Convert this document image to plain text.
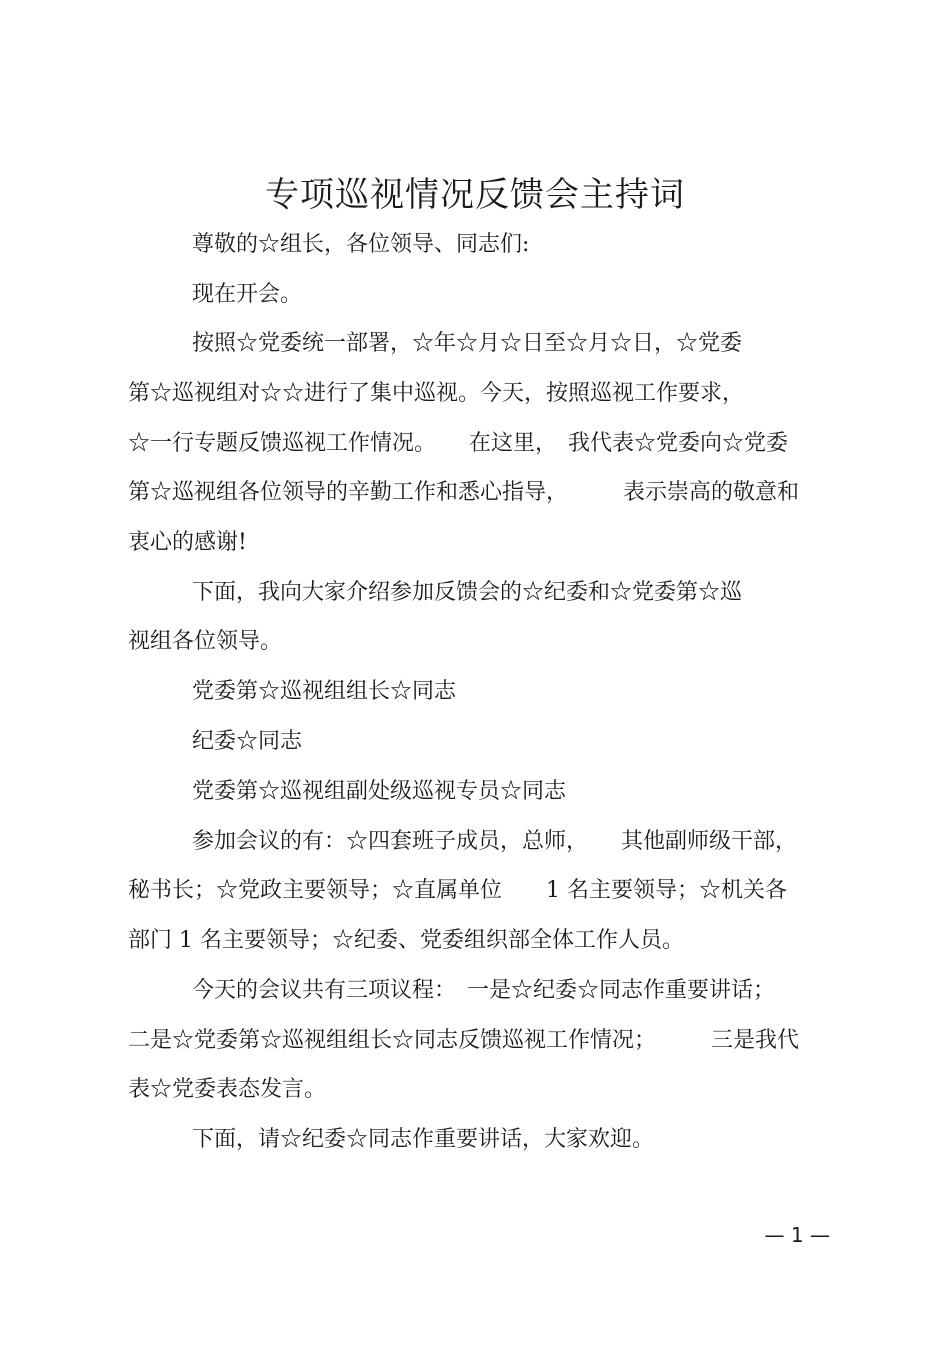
专项巡视情况反馈会主持词
尊敬的☆组长，各位领导、同志们:
现在开会。
按照☆党委统一部署，☆年☆月☆日至☆月☆日，☆党委
第☆巡视组对☆☆进行了集中巡视。今天，按照巡视工作要求，
☆一行专题反馈巡视工作情况。　　在这里，　我代表☆党委向☆党委
第☆巡视组各位领导的辛勤工作和悉心指导，　　　表示崇高的敬意和
衷心的感谢!
下面，我向大家介绍参加反馈会的☆纪委和☆党委第☆巡
视组各位领导。
党委第☆巡视组组长☆同志
纪委☆同志
党委第☆巡视组副处级巡视专员☆同志
参加会议的有：☆四套班子成员，总师，　　其他副师级干部，
秘书长；☆党政主要领导；☆直属单位　　1 名主要领导；☆机关各
部门 1 名主要领导；☆纪委、党委组织部全体工作人员。
今天的会议共有三项议程：　一是☆纪委☆同志作重要讲话；
二是☆党委第☆巡视组组长☆同志反馈巡视工作情况；　　　三是我代
表☆党委表态发言。
下面，请☆纪委☆同志作重要讲话，大家欢迎。
— 1 —
